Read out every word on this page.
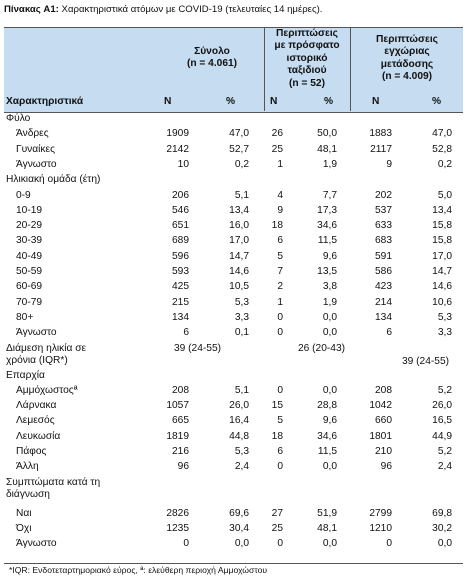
Πίνακας A1: Χαρακτηριστικά ατόμων με COVID-19 (τελευταίες 14 ημέρες).
Σύνολο
(n = 4.061)
Περιπτώσεις
με πρόσφατο
ιστορικό
ταξιδιού
(n = 52)
Περιπτώσεις
εγχώριας
μετάδοσης
(n = 4.009)
Χαρακτηριστικά	N	%	N	%	N	%
Φύλο
Άνδρες	1909	47,0 26	50,0	1883	47,0
Γυναίκες	2142	52,7 25	48,1	2117	52,8
Άγνωστο	10	0,2	1	1,9	9	0,2
Ηλικιακή ομάδα (έτη)
0-9	206	5,1	4	7,7	202	5,0
10-19	546	13,4	9	17,3	537	13,4
20-29	651	16,0 18	34,6	633	15,8
30-39	689	17,0	6	11,5	683	15,8
40-49	596	14,7	5	9,6	591	17,0
50-59	593	14,6	7	13,5	586	14,7
60-69	425	10,5	2	3,8	423	14,6
70-79	215	5,3	1	1,9	214	10,6
80+	134	3,3	0	0,0	134	5,3
Άγνωστο	6	0,1	0	0,0	6	3,3
Διάμεση ηλικία σε
χρόνια (IQR*)
39 (24-55)	26 (20-43)
39 (24-55)
Επαρχία
Αμμόχωστοςª	208	5,1	0	0,0	208	5,2
Λάρνακα	1057	26,0 15	28,8	1042	26,0
Λεμεσός	665	16,4	5	9,6	660	16,5
Λευκωσία	1819	44,8 18	34,6	1801	44,9
Πάφος	216	5,3	6	11,5	210	5,2
Άλλη	96	2,4	0	0,0	96	2,4
Συμπτώματα κατά τη
διάγνωση
Ναι	2826	69,6 27	51,9	2799	69,8
Όχι	1235	30,4 25	48,1	1210	30,2
Άγνωστο	0	0,0	0	0,0	0	0,0
*IQR: Ενδοτεταρτημοριακό εύρος, ª: ελεύθερη περιοχή Αμμοχώστου
